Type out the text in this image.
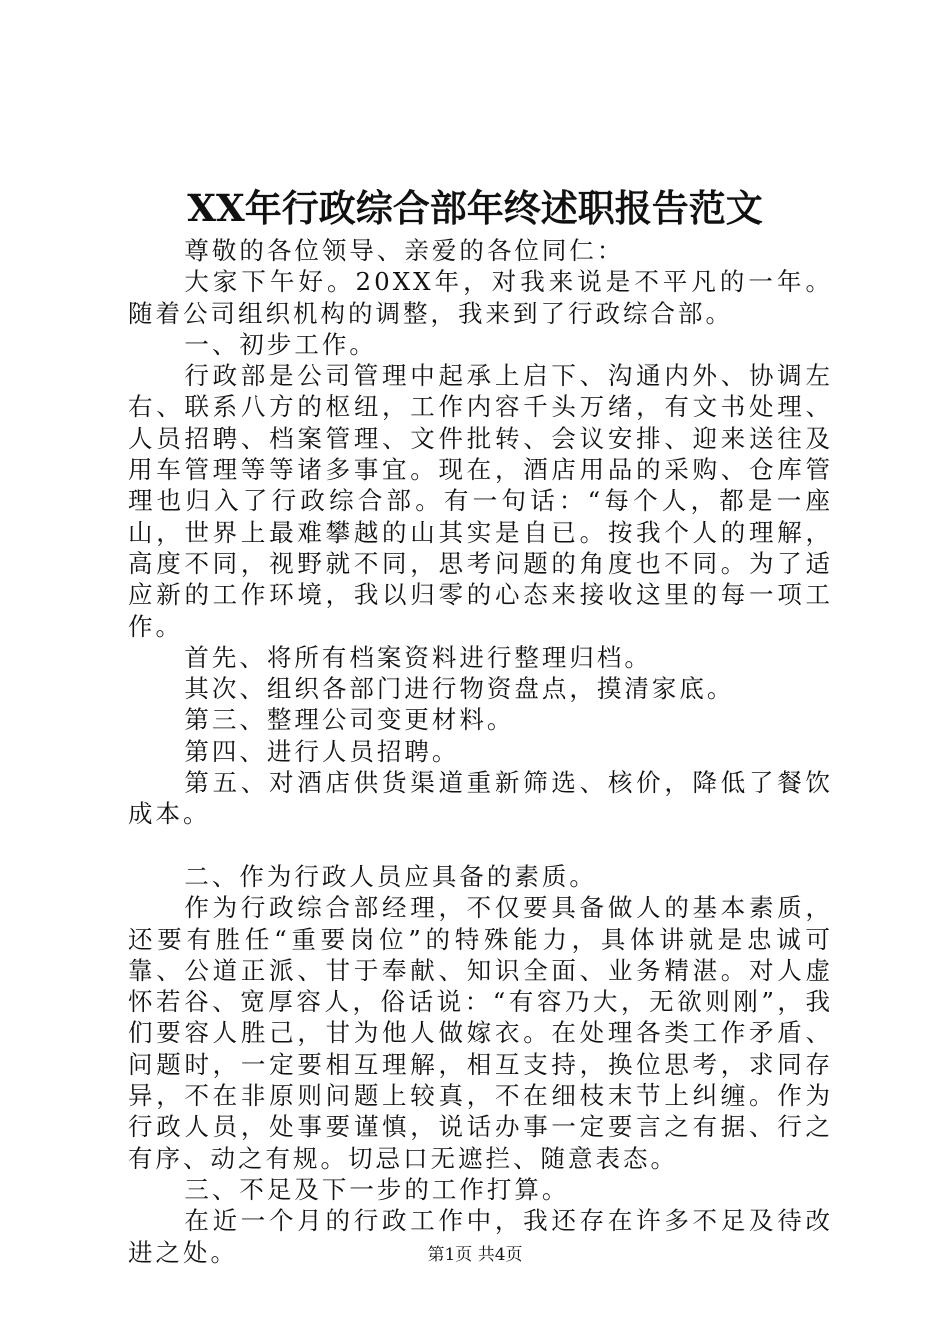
XX年行政综合部年终述职报告范文

尊敬的各位领导、亲爱的各位同仁：

大家下午好。20XX年，对我来说是不平凡的一年。随着公司组织机构的调整，我来到了行政综合部。

一、初步工作。

行政部是公司管理中起承上启下、沟通内外、协调左右、联系八方的枢纽，工作内容千头万绪，有文书处理、人员招聘、档案管理、文件批转、会议安排、迎来送往及用车管理等等诸多事宜。现在，酒店用品的采购、仓库管理也归入了行政综合部。有一句话：“每个人，都是一座山，世界上最难攀越的山其实是自已。按我个人的理解，高度不同，视野就不同，思考问题的角度也不同。为了适应新的工作环境，我以归零的心态来接收这里的每一项工作。

首先、将所有档案资料进行整理归档。

其次、组织各部门进行物资盘点，摸清家底。

第三、整理公司变更材料。

第四、进行人员招聘。

第五、对酒店供货渠道重新筛选、核价，降低了餐饮成本。

二、作为行政人员应具备的素质。

作为行政综合部经理，不仅要具备做人的基本素质，还要有胜任“重要岗位”的特殊能力，具体讲就是忠诚可靠、公道正派、甘于奉献、知识全面、业务精湛。对人虚怀若谷、宽厚容人，俗话说：“有容乃大，无欲则刚”，我们要容人胜己，甘为他人做嫁衣。在处理各类工作矛盾、问题时，一定要相互理解，相互支持，换位思考，求同存异，不在非原则问题上较真，不在细枝末节上纠缠。作为行政人员，处事要谨慎，说话办事一定要言之有据、行之有序、动之有规。切忌口无遮拦、随意表态。

三、不足及下一步的工作打算。

在近一个月的行政工作中，我还存在许多不足及待改进之处。	第1页 共4页
